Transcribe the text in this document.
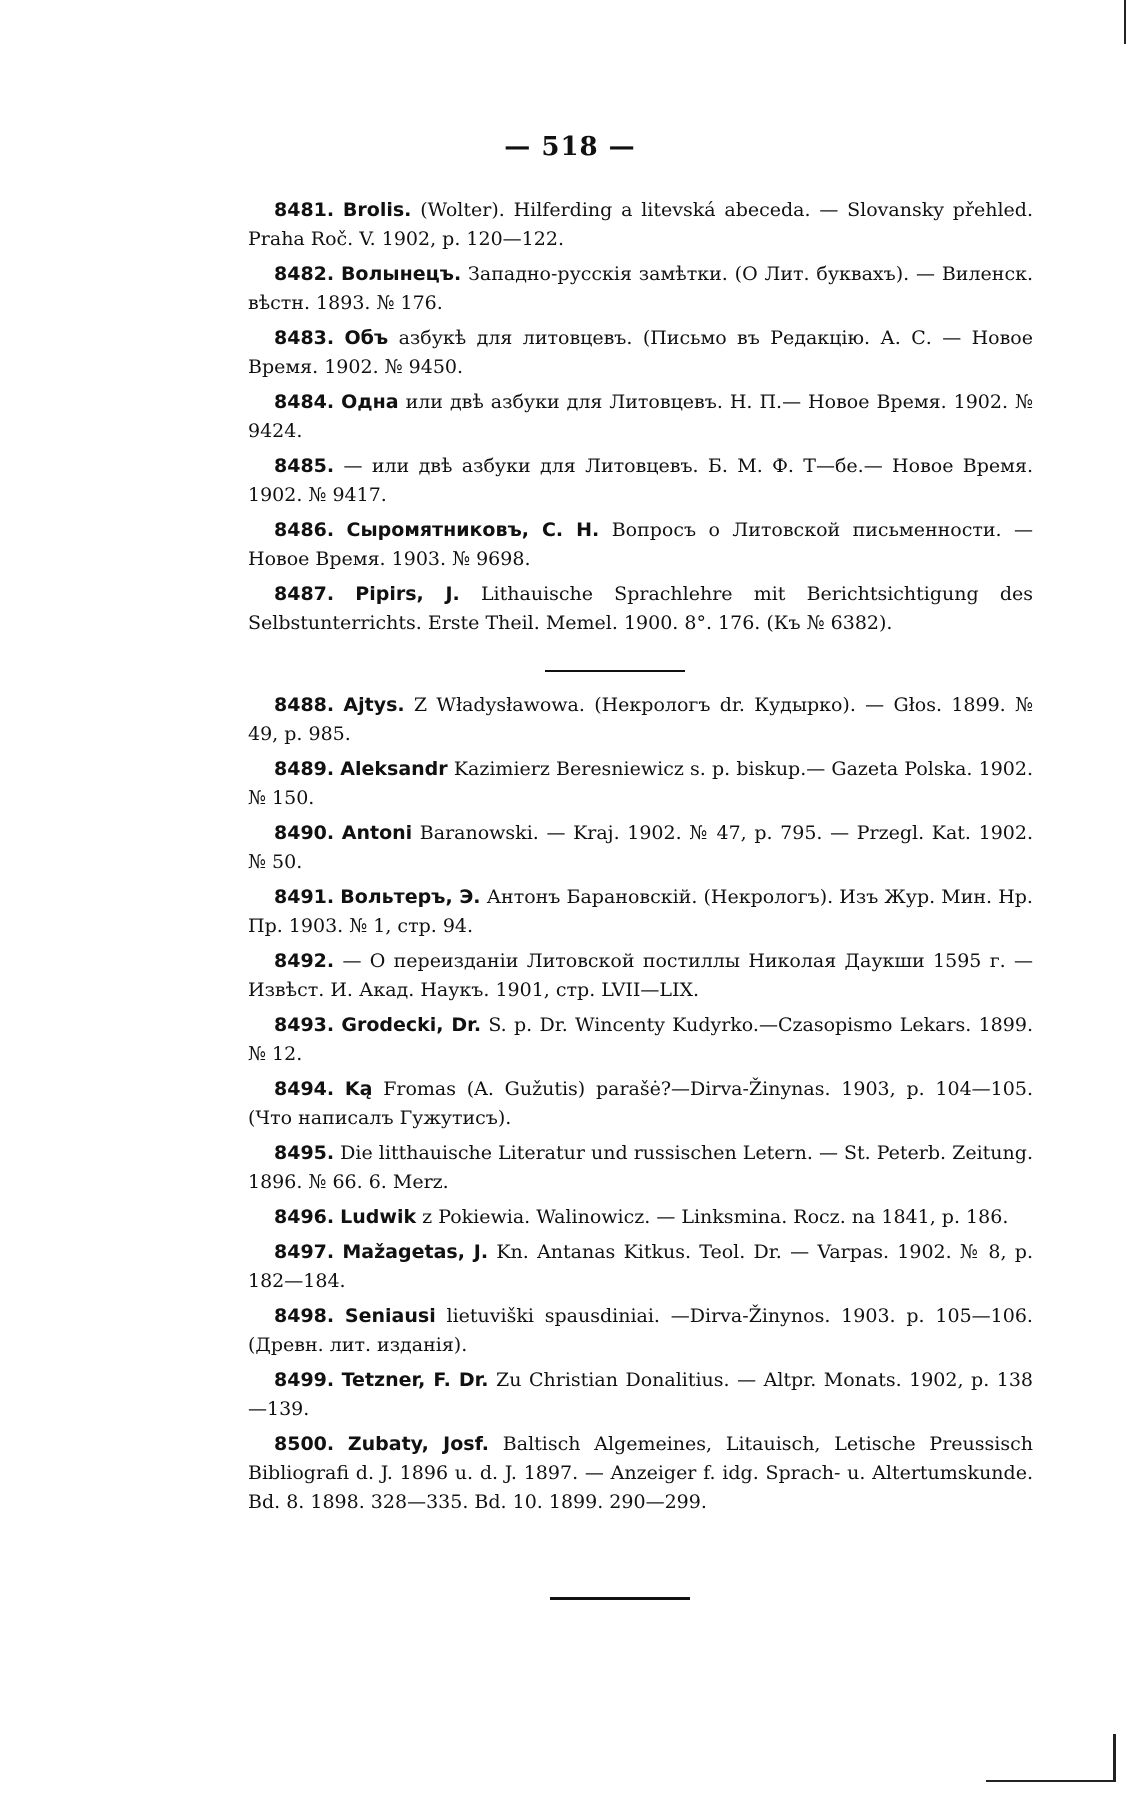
— 518 —

8481. Brolis. (Wolter). Hilferding a litevská abeceda. — Slovansky přehled. Praha Roč. V. 1902, p. 120—122.

8482. Волынецъ. Западно-русскія замѣтки. (О Лит. буквахъ). — Виленск. вѣстн. 1893. № 176.

8483. Объ азбукѣ для литовцевъ. (Письмо въ Редакцію. А. С. — Новое Время. 1902. № 9450.

8484. Одна или двѣ азбуки для Литовцевъ. Н. П.— Новое Время. 1902. № 9424.

8485. — или двѣ азбуки для Литовцевъ. Б. М. Ф. Т—бе.— Новое Время. 1902. № 9417.

8486. Сыромятниковъ, С. Н. Вопросъ о Литовской письменности. — Новое Время. 1903. № 9698.

8487. Pipirs, J. Lithauische Sprachlehre mit Berichtsichtigung des Selbstunterrichts. Erste Theil. Memel. 1900. 8°. 176. (Къ № 6382).

8488. Ajtys. Z Władysławowa. (Некрологъ dr. Кудырко). — Głos. 1899. № 49, p. 985.

8489. Aleksandr Kazimierz Beresniewicz s. p. biskup.— Gazeta Polska. 1902. № 150.

8490. Antoni Baranowski. — Kraj. 1902. № 47, p. 795. — Przegl. Kat. 1902. № 50.

8491. Вольтеръ, Э. Антонъ Барановскій. (Некрологъ). Изъ Жур. Мин. Нр. Пр. 1903. № 1, стр. 94.

8492. — О переизданіи Литовской постиллы Николая Даукши 1595 г. — Извѣст. И. Акад. Наукъ. 1901, стр. LVII—LIX.

8493. Grodecki, Dr. S. p. Dr. Wincenty Kudyrko.—Czasopismo Lekars. 1899. № 12.

8494. Ką Fromas (A. Gužutis) parašė?—Dirva-Žinynas. 1903, p. 104—105. (Что написалъ Гужутисъ).

8495. Die litthauische Literatur und russischen Letern. — St. Peterb. Zeitung. 1896. № 66. 6. Merz.

8496. Ludwik z Pokiewia. Walinowicz. — Linksmina. Rocz. na 1841, p. 186.

8497. Mažagetas, J. Kn. Antanas Kitkus. Teol. Dr. — Varpas. 1902. № 8, p. 182—184.

8498. Seniausi lietuviški spausdiniai. —Dirva-Žinynos. 1903. p. 105—106. (Древн. лит. изданія).

8499. Tetzner, F. Dr. Zu Christian Donalitius. — Altpr. Monats. 1902, p. 138—139.

8500. Zubaty, Josf. Baltisch Algemeines, Litauisch, Letische Preussisch Bibliografi d. J. 1896 u. d. J. 1897. — Anzeiger f. idg. Sprach- u. Altertumskunde. Bd. 8. 1898. 328—335. Bd. 10. 1899. 290—299.
